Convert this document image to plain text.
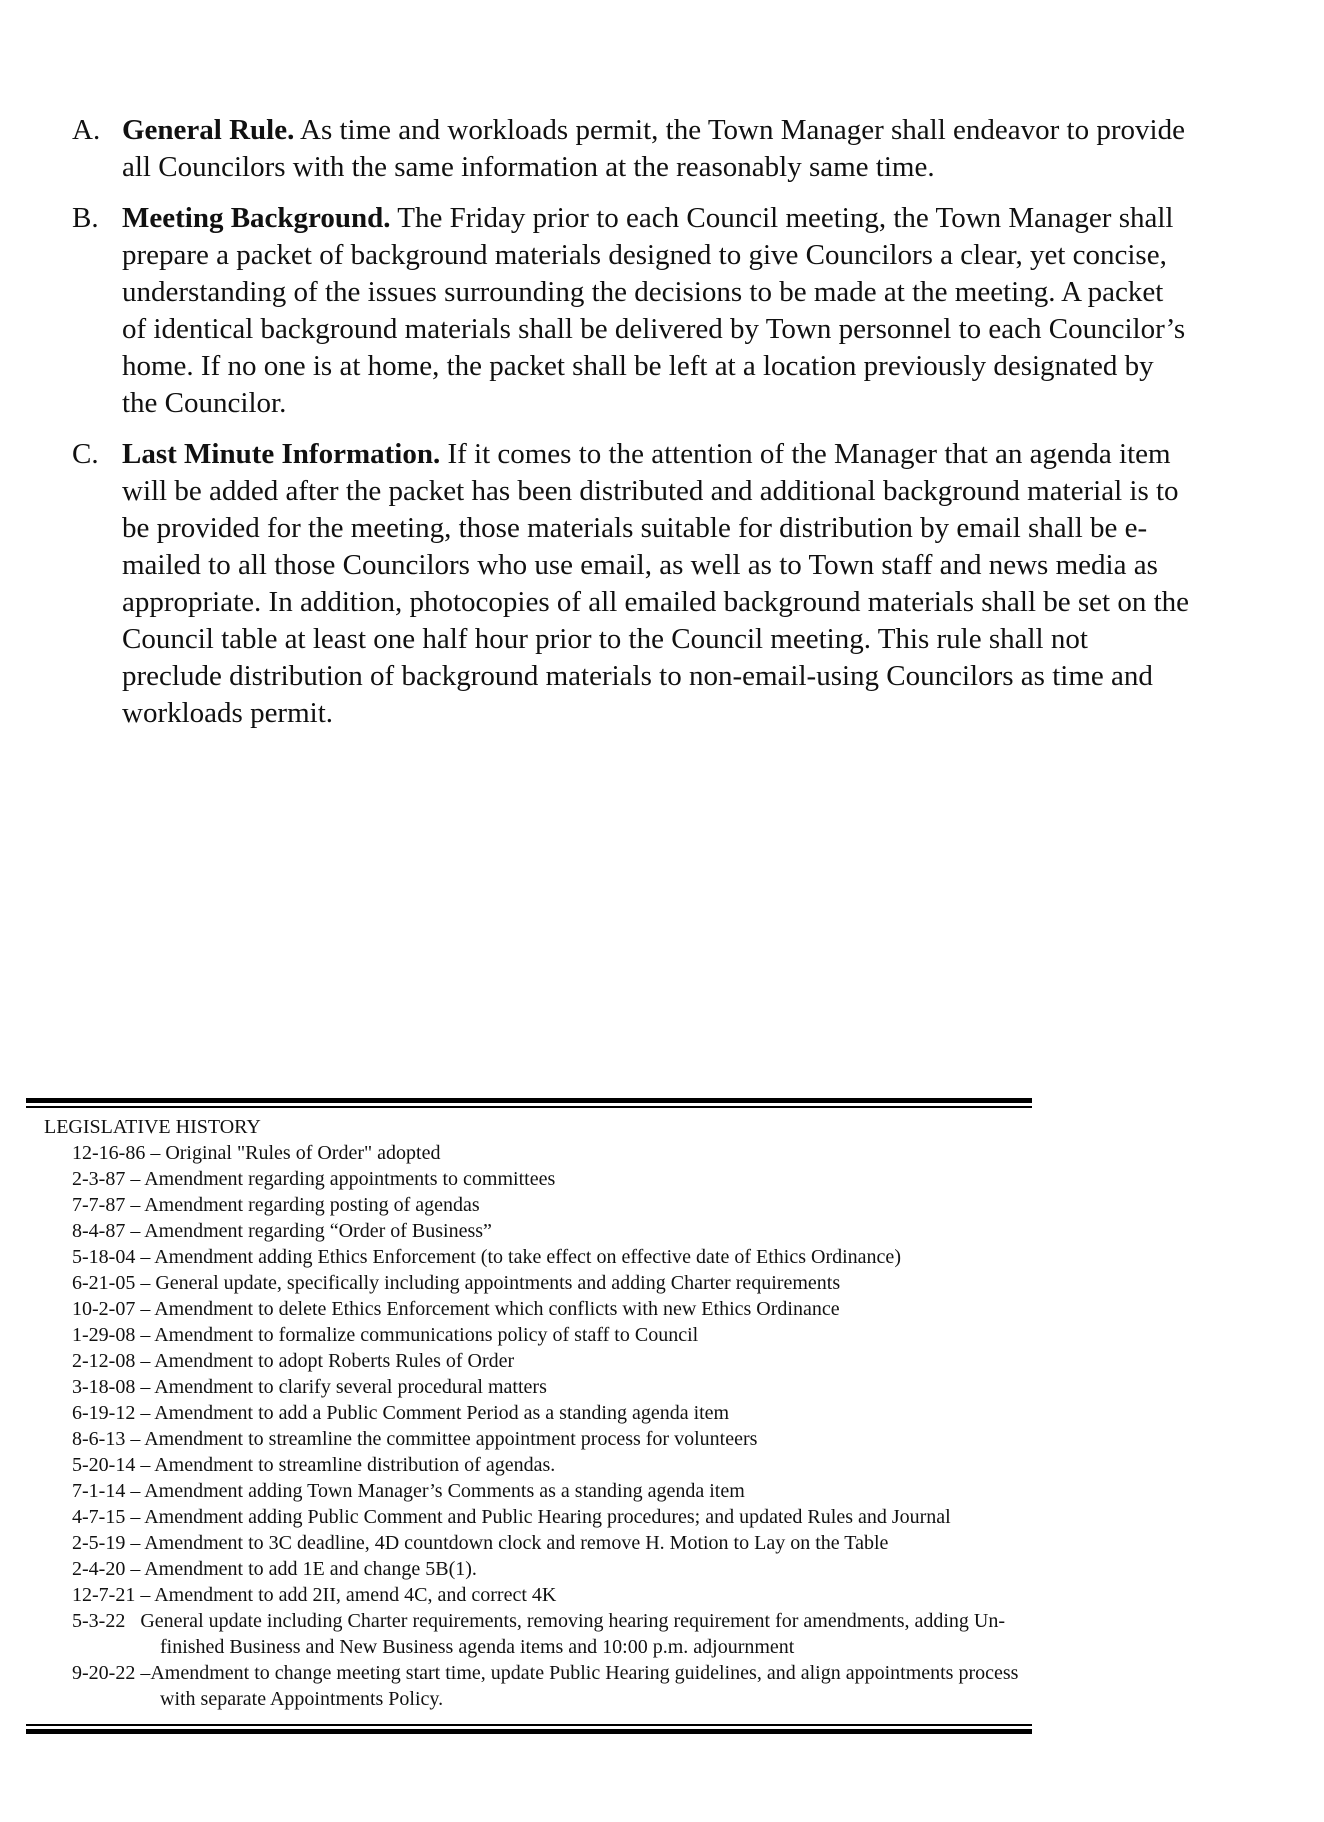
A. General Rule. As time and workloads permit, the Town Manager shall endeavor to provide all Councilors with the same information at the reasonably same time.
B. Meeting Background. The Friday prior to each Council meeting, the Town Manager shall prepare a packet of background materials designed to give Councilors a clear, yet concise, understanding of the issues surrounding the decisions to be made at the meeting. A packet of identical background materials shall be delivered by Town personnel to each Councilor’s home. If no one is at home, the packet shall be left at a location previously designated by the Councilor.
C. Last Minute Information. If it comes to the attention of the Manager that an agenda item will be added after the packet has been distributed and additional background material is to be provided for the meeting, those materials suitable for distribution by email shall be e-mailed to all those Councilors who use email, as well as to Town staff and news media as appropriate. In addition, photocopies of all emailed background materials shall be set on the Council table at least one half hour prior to the Council meeting. This rule shall not preclude distribution of background materials to non-email-using Councilors as time and workloads permit.
LEGISLATIVE HISTORY
12-16-86 – Original "Rules of Order" adopted
2-3-87 – Amendment regarding appointments to committees
7-7-87 – Amendment regarding posting of agendas
8-4-87 – Amendment regarding “Order of Business”
5-18-04 – Amendment adding Ethics Enforcement (to take effect on effective date of Ethics Ordinance)
6-21-05 – General update, specifically including appointments and adding Charter requirements
10-2-07 – Amendment to delete Ethics Enforcement which conflicts with new Ethics Ordinance
1-29-08 – Amendment to formalize communications policy of staff to Council
2-12-08 – Amendment to adopt Roberts Rules of Order
3-18-08 – Amendment to clarify several procedural matters
6-19-12 – Amendment to add a Public Comment Period as a standing agenda item
8-6-13 – Amendment to streamline the committee appointment process for volunteers
5-20-14 – Amendment to streamline distribution of agendas.
7-1-14 – Amendment adding Town Manager’s Comments as a standing agenda item
4-7-15 – Amendment adding Public Comment and Public Hearing procedures; and updated Rules and Journal
2-5-19 – Amendment to 3C deadline, 4D countdown clock and remove H. Motion to Lay on the Table
2-4-20 – Amendment to add 1E and change 5B(1).
12-7-21 – Amendment to add 2II, amend 4C, and correct 4K
5-3-22 General update including Charter requirements, removing hearing requirement for amendments, adding Un-
finished Business and New Business agenda items and 10:00 p.m. adjournment
9-20-22 –Amendment to change meeting start time, update Public Hearing guidelines, and align appointments process
with separate Appointments Policy.
